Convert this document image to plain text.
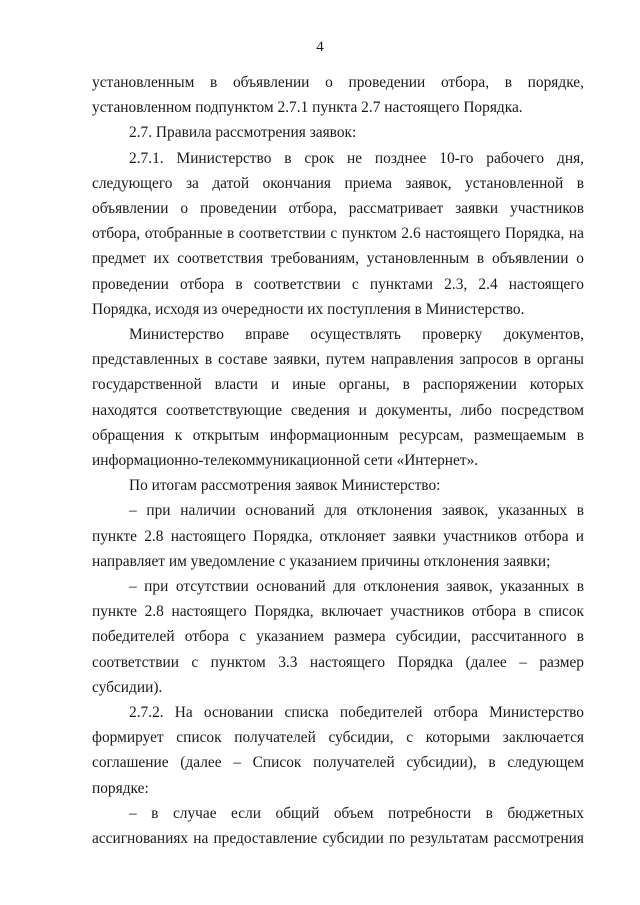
4

установленным в объявлении о проведении отбора, в порядке, установленном подпунктом 2.7.1 пункта 2.7 настоящего Порядка.

2.7. Правила рассмотрения заявок:

2.7.1. Министерство в срок не позднее 10-го рабочего дня, следующего за датой окончания приема заявок, установленной в объявлении о проведении отбора, рассматривает заявки участников отбора, отобранные в соответствии с пунктом 2.6 настоящего Порядка, на предмет их соответствия требованиям, установленным в объявлении о проведении отбора в соответствии с пунктами 2.3, 2.4 настоящего Порядка, исходя из очередности их поступления в Министерство.

Министерство вправе осуществлять проверку документов, представленных в составе заявки, путем направления запросов в органы государственной власти и иные органы, в распоряжении которых находятся соответствующие сведения и документы, либо посредством обращения к открытым информационным ресурсам, размещаемым в информационно-телекоммуникационной сети «Интернет».

По итогам рассмотрения заявок Министерство:

– при наличии оснований для отклонения заявок, указанных в пункте 2.8 настоящего Порядка, отклоняет заявки участников отбора и направляет им уведомление с указанием причины отклонения заявки;

– при отсутствии оснований для отклонения заявок, указанных в пункте 2.8 настоящего Порядка, включает участников отбора в список победителей отбора с указанием размера субсидии, рассчитанного в соответствии с пунктом 3.3 настоящего Порядка (далее – размер субсидии).

2.7.2. На основании списка победителей отбора Министерство формирует список получателей субсидии, с которыми заключается соглашение (далее – Список получателей субсидии), в следующем порядке:

– в случае если общий объем потребности в бюджетных ассигнованиях на предоставление субсидии по результатам рассмотрения
